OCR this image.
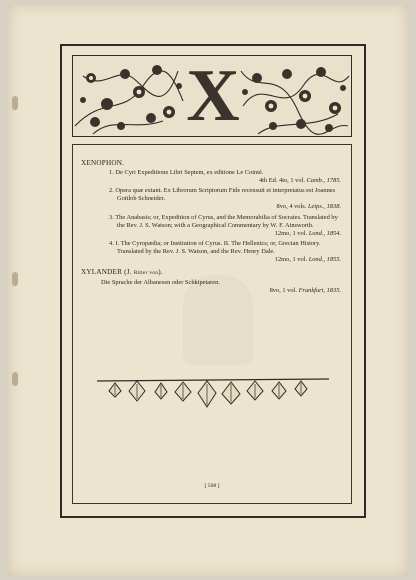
X
XENOPHON.
1. De Cyri Expeditione Libri Septem, ex editione Le Cointé.
4th Ed. 4to, 1 vol. Camb., 1785.
2. Opera quæ extant. Ex Librorum Scriptorum Fide recensuit et interpretatus est Joannes Gottlob Schneider.
8vo, 4 vols. Leips., 1838.
3. The Anabasis; or, Expedition of Cyrus, and the Memorabilia of Socrates. Translated by the Rev. J. S. Watson; with a Geographical Commentary by W. F. Ainsworth.
12mo, 1 vol. Lond., 1854.
4. I. The Cyropædia; or Institution of Cyrus. II. The Hellenics; or, Grecian History. Translated by the Rev. J. S. Watson, and the Rev. Henry Dale.
12mo, 1 vol. Lond., 1855.
XYLANDER (J. Ritter von).
Die Sprache der Albanesen oder Schkipetaren.
8vo, 1 vol. Frankfurt, 1835.
[ 568 ]
